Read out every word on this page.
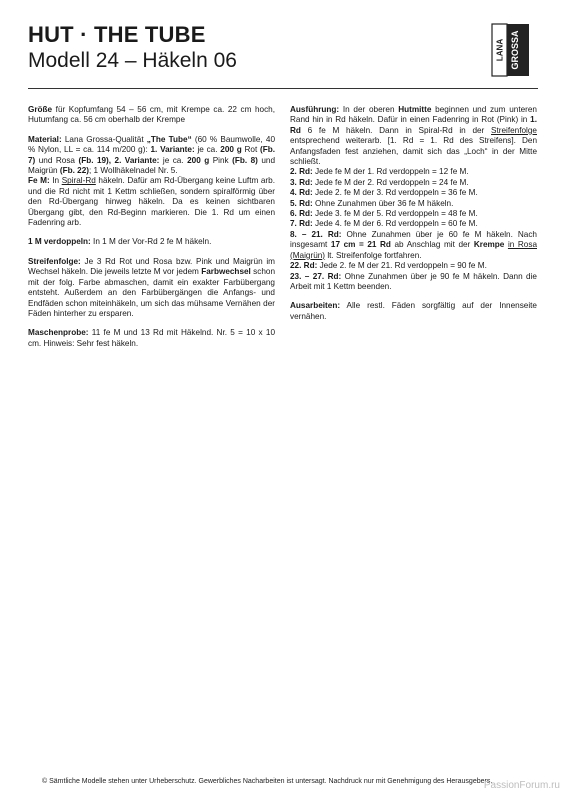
HUT · THE TUBE
Modell 24 – Häkeln 06	LANA GROSSA

Größe für Kopfumfang 54 – 56 cm, mit Krempe ca. 22 cm hoch, Hutumfang ca. 56 cm oberhalb der Krempe

Material: Lana Grossa-Qualität „The Tube“ (60 % Baumwolle, 40 % Nylon, LL = ca. 114 m/200 g): 1. Variante: je ca. 200 g Rot (Fb. 7) und Rosa (Fb. 19), 2. Variante: je ca. 200 g Pink (Fb. 8) und Maigrün (Fb. 22); 1 Wollhäkelnadel Nr. 5.

Fe M: In Spiral-Rd häkeln. Dafür am Rd-Übergang keine Luftm arb. und die Rd nicht mit 1 Kettm schließen, sondern spiralförmig über den Rd-Übergang hinweg häkeln. Da es keinen sichtbaren Übergang gibt, den Rd-Beginn markieren. Die 1. Rd um einen Fadenring arb.

1 M verdoppeln: In 1 M der Vor-Rd 2 fe M häkeln.

Streifenfolge: Je 3 Rd Rot und Rosa bzw. Pink und Maigrün im Wechsel häkeln. Die jeweils letzte M vor jedem Farbwechsel schon mit der folg. Farbe abmaschen, damit ein exakter Farbübergang entsteht. Außerdem an den Farbübergängen die Anfangs- und Endfäden schon miteinhäkeln, um sich das mühsame Vernähen der Fäden hinterher zu ersparen.

Maschenprobe: 11 fe M und 13 Rd mit Häkelnd. Nr. 5 = 10 x 10 cm. Hinweis: Sehr fest häkeln.

Ausführung: In der oberen Hutmitte beginnen und zum unteren Rand hin in Rd häkeln. Dafür in einen Fadenring in Rot (Pink) in 1. Rd 6 fe M häkeln. Dann in Spiral-Rd in der Streifenfolge entsprechend weiterarb. [1. Rd = 1. Rd des Streifens]. Den Anfangsfaden fest anziehen, damit sich das „Loch“ in der Mitte schließt.

2. Rd: Jede fe M der 1. Rd verdoppeln = 12 fe M.
3. Rd: Jede fe M der 2. Rd verdoppeln = 24 fe M.
4. Rd: Jede 2. fe M der 3. Rd verdoppeln = 36 fe M.
5. Rd: Ohne Zunahmen über 36 fe M häkeln.
6. Rd: Jede 3. fe M der 5. Rd verdoppeln = 48 fe M.
7. Rd: Jede 4. fe M der 6. Rd verdoppeln = 60 fe M.

8. – 21. Rd: Ohne Zunahmen über je 60 fe M häkeln. Nach insgesamt 17 cm = 21 Rd ab Anschlag mit der Krempe in Rosa (Maigrün) lt. Streifenfolge fortfahren.

22. Rd: Jede 2. fe M der 21. Rd verdoppeln = 90 fe M.

23. – 27. Rd: Ohne Zunahmen über je 90 fe M häkeln. Dann die Arbeit mit 1 Kettm beenden.

Ausarbeiten: Alle restl. Fäden sorgfältig auf der Innenseite vernähen.

© Sämtliche Modelle stehen unter Urheberschutz. Gewerbliches Nacharbeiten ist untersagt. Nachdruck nur mit Genehmigung des Herausgebers.
PassionForum.ru
